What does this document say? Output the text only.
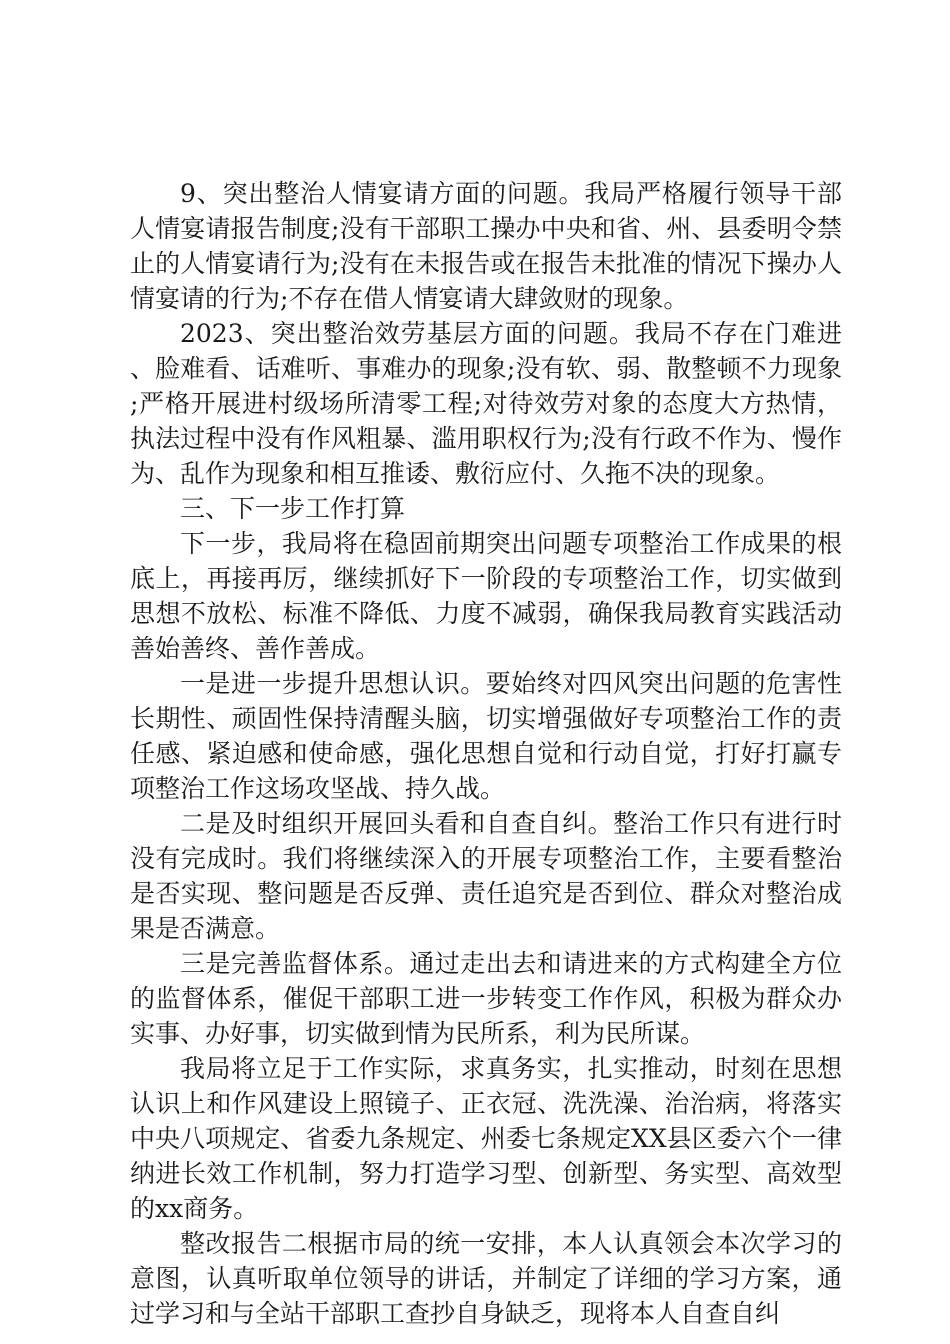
9、突出整治人情宴请方面的问题。我局严格履行领导干部人情宴请报告制度;没有干部职工操办中央和省、州、县委明令禁止的人情宴请行为;没有在未报告或在报告未批准的情况下操办人情宴请的行为;不存在借人情宴请大肆敛财的现象。

2023、突出整治效劳基层方面的问题。我局不存在门难进、脸难看、话难听、事难办的现象;没有软、弱、散整顿不力现象;严格开展进村级场所清零工程;对待效劳对象的态度大方热情，执法过程中没有作风粗暴、滥用职权行为;没有行政不作为、慢作为、乱作为现象和相互推诿、敷衍应付、久拖不决的现象。

三、下一步工作打算

下一步，我局将在稳固前期突出问题专项整治工作成果的根底上，再接再厉，继续抓好下一阶段的专项整治工作，切实做到思想不放松、标准不降低、力度不减弱，确保我局教育实践活动善始善终、善作善成。

一是进一步提升思想认识。要始终对四风突出问题的危害性长期性、顽固性保持清醒头脑，切实增强做好专项整治工作的责任感、紧迫感和使命感，强化思想自觉和行动自觉，打好打赢专项整治工作这场攻坚战、持久战。

二是及时组织开展回头看和自查自纠。整治工作只有进行时没有完成时。我们将继续深入的开展专项整治工作，主要看整治是否实现、整问题是否反弹、责任追究是否到位、群众对整治成果是否满意。

三是完善监督体系。通过走出去和请进来的方式构建全方位的监督体系，催促干部职工进一步转变工作作风，积极为群众办实事、办好事，切实做到情为民所系，利为民所谋。

我局将立足于工作实际，求真务实，扎实推动，时刻在思想认识上和作风建设上照镜子、正衣冠、洗洗澡、治治病，将落实中央八项规定、省委九条规定、州委七条规定XX县区委六个一律纳进长效工作机制，努力打造学习型、创新型、务实型、高效型的xx商务。

整改报告二根据市局的统一安排，本人认真领会本次学习的意图，认真听取单位领导的讲话，并制定了详细的学习方案，通过学习和与全站干部职工查抄自身缺乏，现将本人自查自纠
